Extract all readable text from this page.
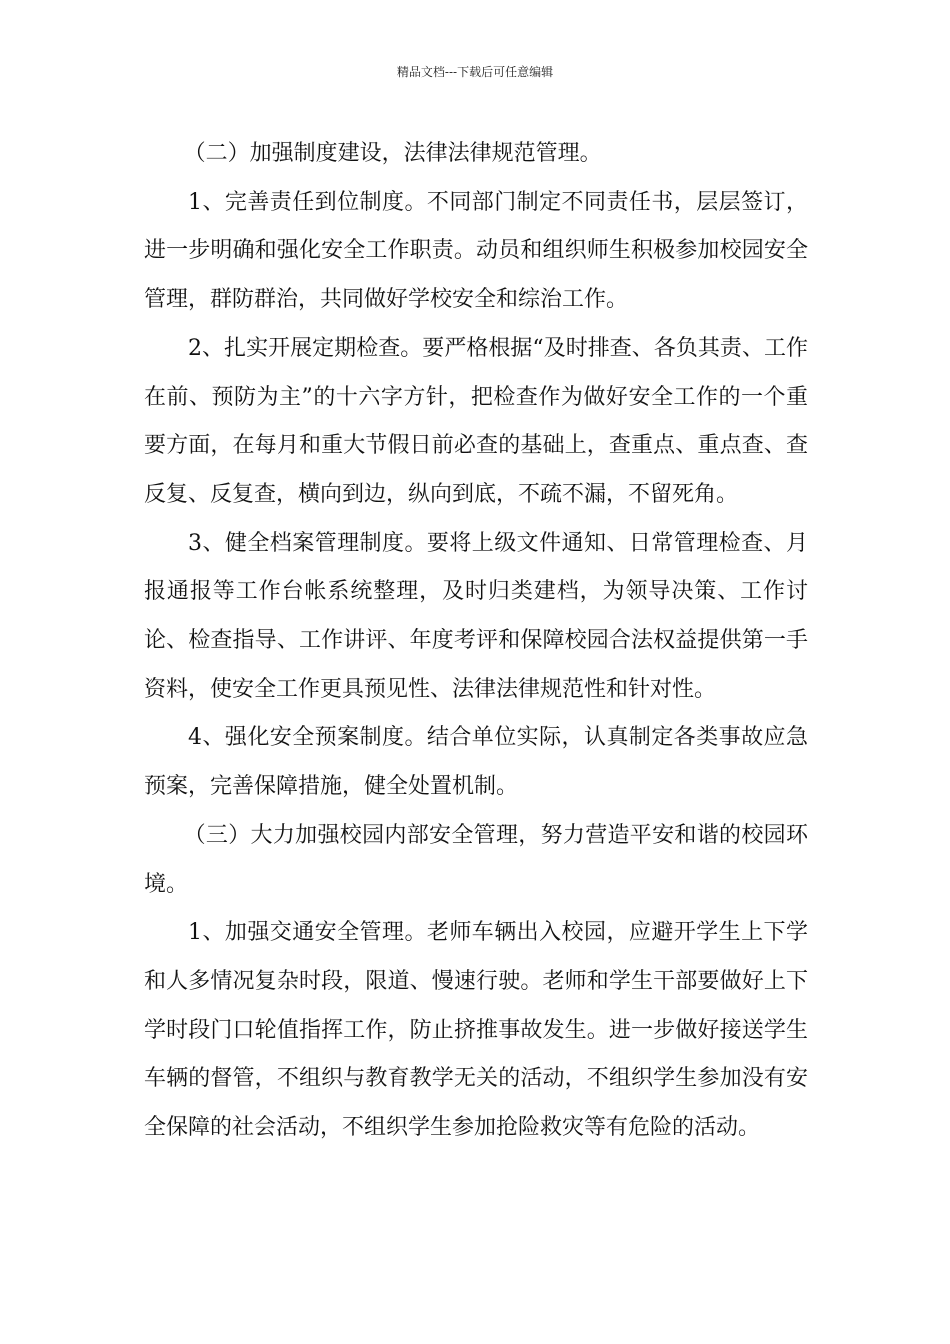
精品文档---下载后可任意编辑

（二）加强制度建设，法律法律规范管理。

1、完善责任到位制度。不同部门制定不同责任书，层层签订，进一步明确和强化安全工作职责。动员和组织师生积极参加校园安全管理，群防群治，共同做好学校安全和综治工作。

2、扎实开展定期检查。要严格根据“及时排查、各负其责、工作在前、预防为主”的十六字方针，把检查作为做好安全工作的一个重要方面，在每月和重大节假日前必查的基础上，查重点、重点查、查反复、反复查，横向到边，纵向到底，不疏不漏，不留死角。

3、健全档案管理制度。要将上级文件通知、日常管理检查、月报通报等工作台帐系统整理，及时归类建档，为领导决策、工作讨论、检查指导、工作讲评、年度考评和保障校园合法权益提供第一手资料，使安全工作更具预见性、法律法律规范性和针对性。

4、强化安全预案制度。结合单位实际，认真制定各类事故应急预案，完善保障措施，健全处置机制。

（三）大力加强校园内部安全管理，努力营造平安和谐的校园环境。

1、加强交通安全管理。老师车辆出入校园，应避开学生上下学和人多情况复杂时段，限道、慢速行驶。老师和学生干部要做好上下学时段门口轮值指挥工作，防止挤推事故发生。进一步做好接送学生车辆的督管，不组织与教育教学无关的活动，不组织学生参加没有安全保障的社会活动，不组织学生参加抢险救灾等有危险的活动。
